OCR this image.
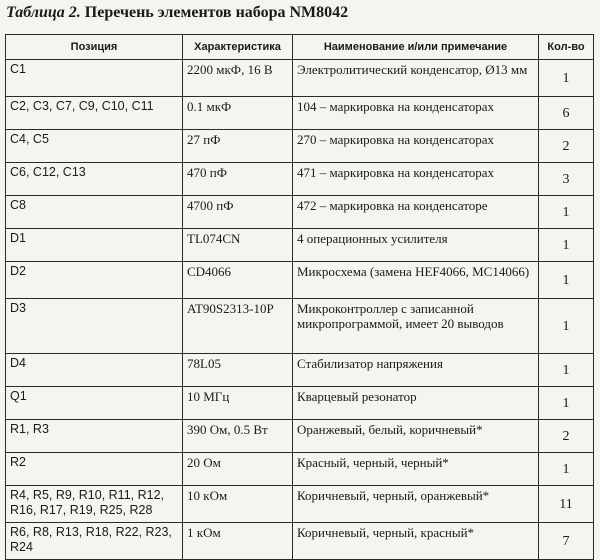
Таблица 2. Перечень элементов набора NM8042
Позиция	Характеристика	Наименование и/или примечание	Кол-во
C1	2200 мкФ, 16 В	Электролитический конденсатор, Ø13 мм	1
C2, C3, C7, C9, C10, C11	0.1 мкФ	104 – маркировка на конденсаторах	6
C4, C5	27 пФ	270 – маркировка на конденсаторах	2
C6, C12, C13	470 пФ	471 – маркировка на конденсаторах	3
C8	4700 пФ	472 – маркировка на конденсаторе	1
D1	TL074CN	4 операционных усилителя	1
D2	CD4066	Микросхема (замена HEF4066, MC14066)	1
D3	AT90S2313-10P	Микроконтроллер с записанной микропрограммой, имеет 20 выводов	1
D4	78L05	Стабилизатор напряжения	1
Q1	10 МГц	Кварцевый резонатор	1
R1, R3	390 Ом, 0.5 Вт	Оранжевый, белый, коричневый*	2
R2	20 Ом	Красный, черный, черный*	1
R4, R5, R9, R10, R11, R12, R16, R17, R19, R25, R28	10 кОм	Коричневый, черный, оранжевый*	11
R6, R8, R13, R18, R22, R23, R24	1 кОм	Коричневый, черный, красный*	7
